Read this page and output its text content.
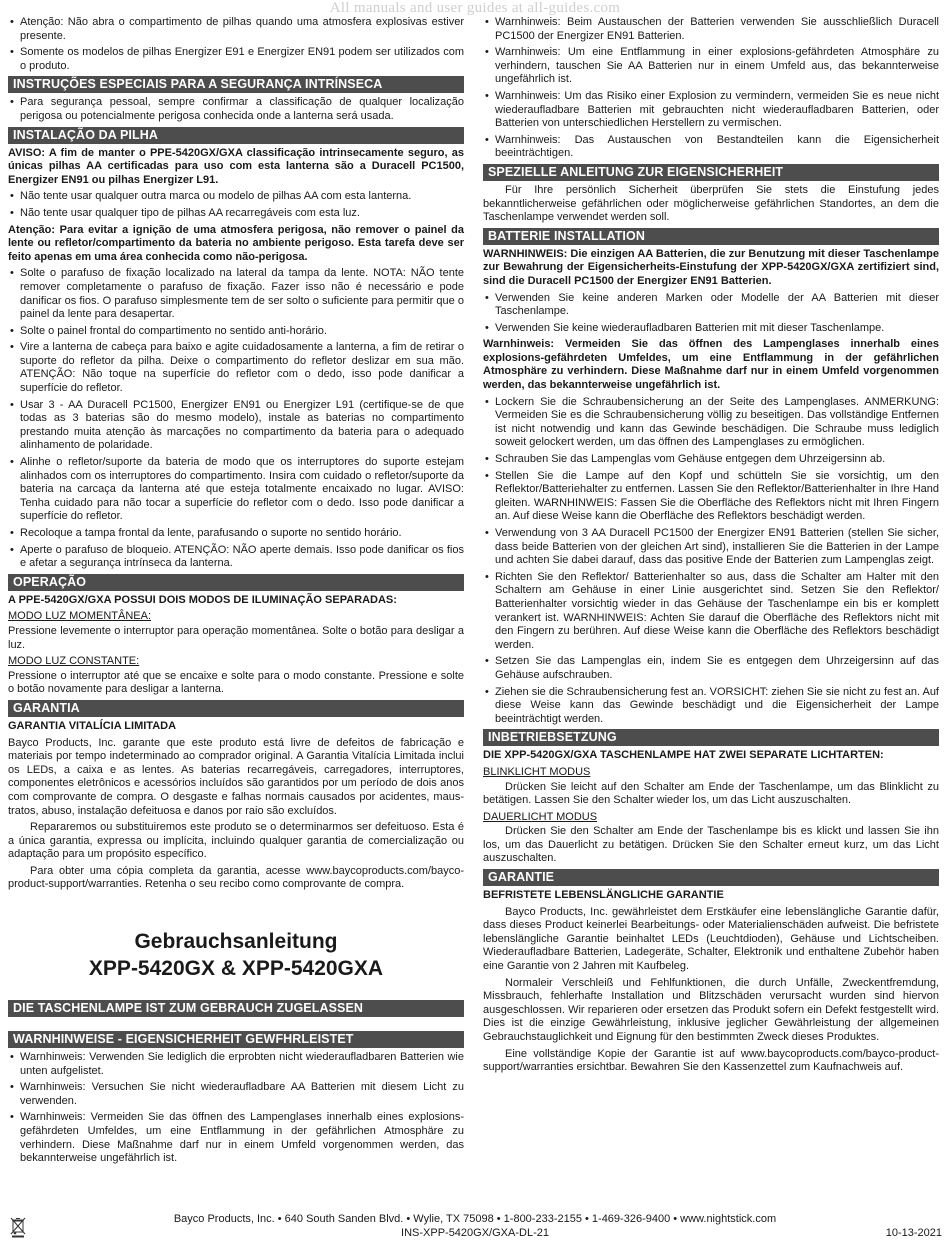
All manuals and user guides at all-guides.com
• Atenção: Não abra o compartimento de pilhas quando uma atmosfera explosivas estiver presente.
• Somente os modelos de pilhas Energizer E91 e Energizer EN91 podem ser utilizados com o produto.
INSTRUÇÕES ESPECIAIS PARA A SEGURANÇA INTRÍNSECA
• Para segurança pessoal, sempre confirmar a classificação de qualquer localização perigosa ou potencialmente perigosa conhecida onde a lanterna será usada.
INSTALAÇÃO DA PILHA

AVISO: A fim de manter o PPE-5420GX/GXA classificação intrinsecamente seguro, as únicas pilhas AA certificadas para uso com esta lanterna são a Duracell PC1500, Energizer EN91 ou pilhas Energizer L91.

• Não tente usar qualquer outra marca ou modelo de pilhas AA com esta lanterna.
• Não tente usar qualquer tipo de pilhas AA recarregáveis com esta luz.

Atenção: Para evitar a ignição de uma atmosfera perigosa, não remover o painel da lente ou refletor/compartimento da bateria no ambiente perigoso. Esta tarefa deve ser feito apenas em uma área conhecida como não-perigosa.

• Solte o parafuso de fixação localizado na lateral da tampa da lente. NOTA: NÃO tente remover completamente o parafuso de fixação. Fazer isso não é necessário e pode danificar os fios. O parafuso simplesmente tem de ser solto o suficiente para permitir que o painel da lente para desapertar.
• Solte o painel frontal do compartimento no sentido anti-horário.
• Vire a lanterna de cabeça para baixo e agite cuidadosamente a lanterna, a fim de retirar o suporte do refletor da pilha. Deixe o compartimento do refletor deslizar em sua mão. ATENÇÃO: Não toque na superfície do refletor com o dedo, isso pode danificar a superfície do refletor.
• Usar 3 - AA Duracell PC1500, Energizer EN91 ou Energizer L91 (certifique-se de que todas as 3 baterias são do mesmo modelo), instale as baterias no compartimento prestando muita atenção às marcações no compartimento da bateria para o adequado alinhamento de polaridade.
• Alinhe o refletor/suporte da bateria de modo que os interruptores do suporte estejam alinhados com os interruptores do compartimento. Insira com cuidado o refletor/suporte da bateria na carcaça da lanterna até que esteja totalmente encaixado no lugar. AVISO: Tenha cuidado para não tocar a superfície do refletor com o dedo. Isso pode danificar a superfície do refletor.
• Recoloque a tampa frontal da lente, parafusando o suporte no sentido horário.
• Aperte o parafuso de bloqueio. ATENÇÃO: NÃO aperte demais. Isso pode danificar os fios e afetar a segurança intrínseca da lanterna.
OPERAÇÃO

A PPE-5420GX/GXA POSSUI DOIS MODOS DE ILUMINAÇÃO SEPARADAS:

MODO LUZ MOMENTÂNEA:

Pressione levemente o interruptor para operação momentânea. Solte o botão para desligar a luz.

MODO LUZ CONSTANTE:

Pressione o interruptor até que se encaixe e solte para o modo constante. Pressione e solte o botão novamente para desligar a lanterna.

GARANTIA

GARANTIA VITALÍCIA LIMITADA

Bayco Products, Inc. garante que este produto está livre de defeitos de fabricação e materiais por tempo indeterminado ao comprador original. A Garantia Vitalícia Limitada inclui os LEDs, a caixa e as lentes. As baterias recarregáveis, carregadores, interruptores, componentes eletrônicos e acessórios incluídos são garantidos por um período de dois anos com comprovante de compra. O desgaste e falhas normais causados por acidentes, maus-tratos, abuso, instalação defeituosa e danos por raio são excluídos.

Repararemos ou substituiremos este produto se o determinarmos ser defeituoso. Esta é a única garantia, expressa ou implícita, incluindo qualquer garantia de comercialização ou adaptação para um propósito específico.

Para obter uma cópia completa da garantia, acesse www.baycoproducts.com/bayco-product-support/warranties. Retenha o seu recibo como comprovante de compra.

Gebrauchsanleitung
XPP-5420GX & XPP-5420GXA
DIE TASCHENLAMPE IST ZUM GEBRAUCH ZUGELASSEN
WARNHINWEISE - EIGENSICHERHEIT GEWFHRLEISTET
• Warnhinweis: Verwenden Sie lediglich die erprobten nicht wiederaufladbaren Batterien wie unten aufgelistet.
• Warnhinweis: Versuchen Sie nicht wiederaufladbare AA Batterien mit diesem Licht zu verwenden.
• Warnhinweis: Vermeiden Sie das öffnen des Lampenglases innerhalb eines explosions-gefährdeten Umfeldes, um eine Entflammung in der gefährlichen Atmosphäre zu verhindern. Diese Maßnahme darf nur in einem Umfeld vorgenommen werden, das bekannterweise ungefährlich ist.
• Warnhinweis: Beim Austauschen der Batterien verwenden Sie ausschließlich Duracell PC1500 der Energizer EN91 Batterien.
• Warnhinweis: Um eine Entflammung in einer explosions-gefährdeten Atmosphäre zu verhindern, tauschen Sie AA Batterien nur in einem Umfeld aus, das bekannterweise ungefährlich ist.
• Warnhinweis: Um das Risiko einer Explosion zu vermindern, vermeiden Sie es neue nicht wiederaufladbare Batterien mit gebrauchten nicht wiederaufladbaren Batterien, oder Batterien von unterschiedlichen Herstellern zu vermischen.
• Warnhinweis: Das Austauschen von Bestandteilen kann die Eigensicherheit beeinträchtigen.
SPEZIELLE ANLEITUNG ZUR EIGENSICHERHEIT

Für Ihre persönlich Sicherheit überprüfen Sie stets die Einstufung jedes bekanntlicherweise gefährlichen oder möglicherweise gefährlichen Standortes, an dem die Taschenlampe verwendet werden soll.

BATTERIE INSTALLATION

WARNHINWEIS: Die einzigen AA Batterien, die zur Benutzung mit dieser Taschenlampe zur Bewahrung der Eigensicherheits-Einstufung der XPP-5420GX/GXA zertifiziert sind, sind die Duracell PC1500 der Energizer EN91 Batterien.

• Verwenden Sie keine anderen Marken oder Modelle der AA Batterien mit dieser Taschenlampe.
• Verwenden Sie keine wiederaufladbaren Batterien mit mit dieser Taschenlampe.

Warnhinweis: Vermeiden Sie das öffnen des Lampenglases innerhalb eines explosions-gefährdeten Umfeldes, um eine Entflammung in der gefährlichen Atmosphäre zu verhindern. Diese Maßnahme darf nur in einem Umfeld vorgenommen werden, das bekannterweise ungefährlich ist.

• Lockern Sie die Schraubensicherung an der Seite des Lampenglases. ANMERKUNG: Vermeiden Sie es die Schraubensicherung völlig zu beseitigen. Das vollständige Entfernen ist nicht notwendig und kann das Gewinde beschädigen. Die Schraube muss lediglich soweit gelockert werden, um das öffnen des Lampenglases zu ermöglichen.
• Schrauben Sie das Lampenglas vom Gehäuse entgegen dem Uhrzeigersinn ab.
• Stellen Sie die Lampe auf den Kopf und schütteln Sie sie vorsichtig, um den Reflektor/Batteriehalter zu entfernen. Lassen Sie den Reflektor/Batterienhalter in Ihre Hand gleiten. WARNHINWEIS: Fassen Sie die Oberfläche des Reflektors nicht mit Ihren Fingern an. Auf diese Weise kann die Oberfläche des Reflektors beschädigt werden.
• Verwendung von 3 AA Duracell PC1500 der Energizer EN91 Batterien (stellen Sie sicher, dass beide Batterien von der gleichen Art sind), installieren Sie die Batterien in der Lampe und achten Sie dabei darauf, dass das positive Ende der Batterien zum Lampenglas zeigt.
• Richten Sie den Reflektor/ Batterienhalter so aus, dass die Schalter am Halter mit den Schaltern am Gehäuse in einer Linie ausgerichtet sind. Setzen Sie den Reflektor/ Batterienhalter vorsichtig wieder in das Gehäuse der Taschenlampe ein bis er komplett verankert ist. WARNHINWEIS: Achten Sie darauf die Oberfläche des Reflektors nicht mit den Fingern zu berühren. Auf diese Weise kann die Oberfläche des Reflektors beschädigt werden.
• Setzen Sie das Lampenglas ein, indem Sie es entgegen dem Uhrzeigersinn auf das Gehäuse aufschrauben.
• Ziehen sie die Schraubensicherung fest an. VORSICHT: ziehen Sie sie nicht zu fest an. Auf diese Weise kann das Gewinde beschädigt und die Eigensicherheit der Lampe beeinträchtigt werden.
INBETRIEBSETZUNG

DIE XPP-5420GX/GXA TASCHENLAMPE HAT ZWEI SEPARATE LICHTARTEN:

BLINKLICHT MODUS

Drücken Sie leicht auf den Schalter am Ende der Taschenlampe, um das Blinklicht zu betätigen. Lassen Sie den Schalter wieder los, um das Licht auszuschalten.

DAUERLICHT MODUS

Drücken Sie den Schalter am Ende der Taschenlampe bis es klickt und lassen Sie ihn los, um das Dauerlicht zu betätigen. Drücken Sie den Schalter erneut kurz, um das Licht auszuschalten.

GARANTIE

BEFRISTETE LEBENSLÄNGLICHE GARANTIE

Bayco Products, Inc. gewährleistet dem Erstkäufer eine lebenslängliche Garantie dafür, dass dieses Product keinerlei Bearbeitungs- oder Materialienschäden aufweist. Die befristete lebenslängliche Garantie beinhaltet LEDs (Leuchtdioden), Gehäuse und Lichtscheiben. Wiederaufladbare Batterien, Ladegeräte, Schalter, Elektronik und enthaltene Zubehör haben eine Garantie von 2 Jahren mit Kaufbeleg.

Normaleir Verschleiß und Fehlfunktionen, die durch Unfälle, Zweckentfremdung, Missbrauch, fehlerhafte Installation und Blitzschäden verursacht wurden sind hiervon ausgeschlossen. Wir reparieren oder ersetzen das Produkt sofern ein Defekt festgestellt wird. Dies ist die einzige Gewährleistung, inklusive jeglicher Gewährleistung der allgemeinen Gebrauchstauglichkeit und Eignung für den bestimmten Zweck dieses Produktes.

Eine vollständige Kopie der Garantie ist auf www.baycoproducts.com/bayco-product-support/warranties ersichtbar. Bewahren Sie den Kassenzettel zum Kaufnachweis auf.

Bayco Products, Inc. • 640 South Sanden Blvd. • Wylie, TX 75098 • 1-800-233-2155 • 1-469-326-9400 • www.nightstick.com
INS-XPP-5420GX/GXA-DL-21	10-13-2021
